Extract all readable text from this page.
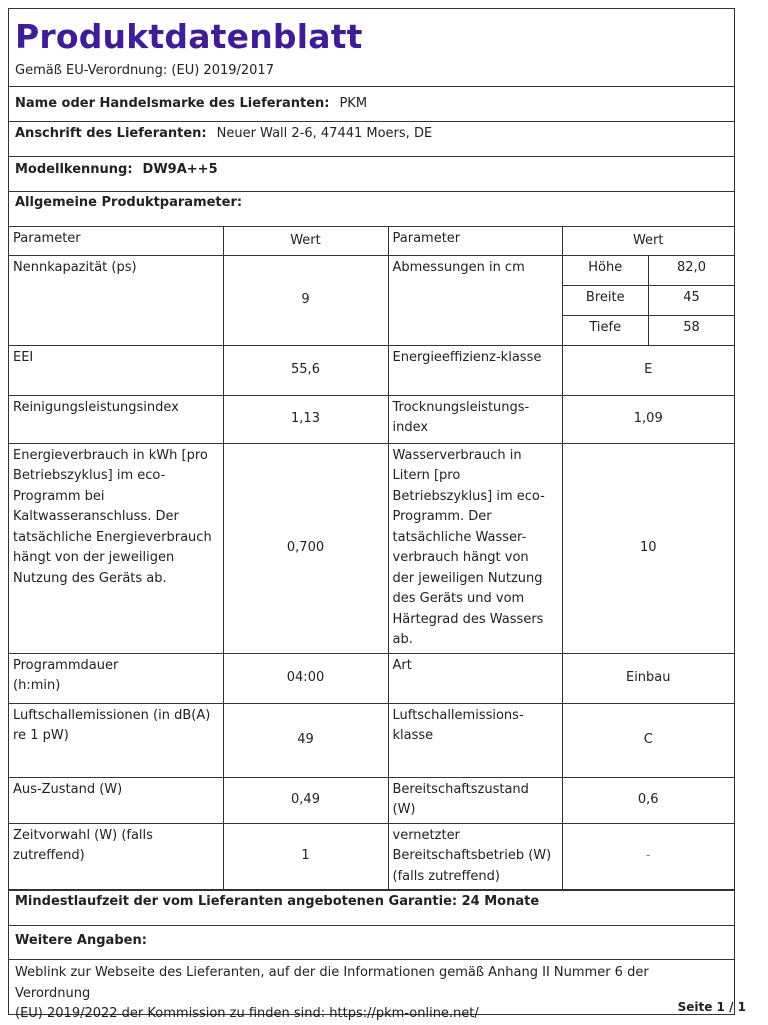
Produktdatenblatt
Gemäß EU-Verordnung: (EU) 2019/2017
Name oder Handelsmarke des Lieferanten: PKM
Anschrift des Lieferanten: Neuer Wall 2-6, 47441 Moers, DE
Modellkennung: DW9A++5
Allgemeine Produktparameter:
Parameter	Wert	Parameter	Wert
Nennkapazität (ps)	9	Abmessungen in cm		Höhe	82,0
Breite	45
Tiefe	58

EEI	55,6	Energieeffizienz-klasse	E
Reinigungsleistungsindex	1,13	Trocknungsleistungs-
index	1,09
Energieverbrauch in kWh [pro
Betriebszyklus] im eco-
Programm bei
Kaltwasseranschluss. Der
tatsächliche Energieverbrauch
hängt von der jeweiligen
Nutzung des Geräts ab.	0,700	Wasserverbrauch in
Litern [pro
Betriebszyklus] im eco-
Programm. Der
tatsächliche Wasser-
verbrauch hängt von
der jeweiligen Nutzung
des Geräts und vom
Härtegrad des Wassers
ab.	10
Programmdauer
(h:min)	04:00	Art	Einbau
Luftschallemissionen (in dB(A)
re 1 pW)	49	Luftschallemissions-
klasse	C
Aus-Zustand (W)	0,49	Bereitschaftszustand
(W)	0,6
Zeitvorwahl (W) (falls
zutreffend)	1	vernetzter
Bereitschaftsbetrieb (W)
(falls zutreffend)	-
Mindestlaufzeit der vom Lieferanten angebotenen Garantie: 24 Monate
Weitere Angaben:
Weblink zur Webseite des Lieferanten, auf der die Informationen gemäß Anhang II Nummer 6 der Verordnung
(EU) 2019/2022 der Kommission zu finden sind: https://pkm-online.net/	Seite 1 / 1
